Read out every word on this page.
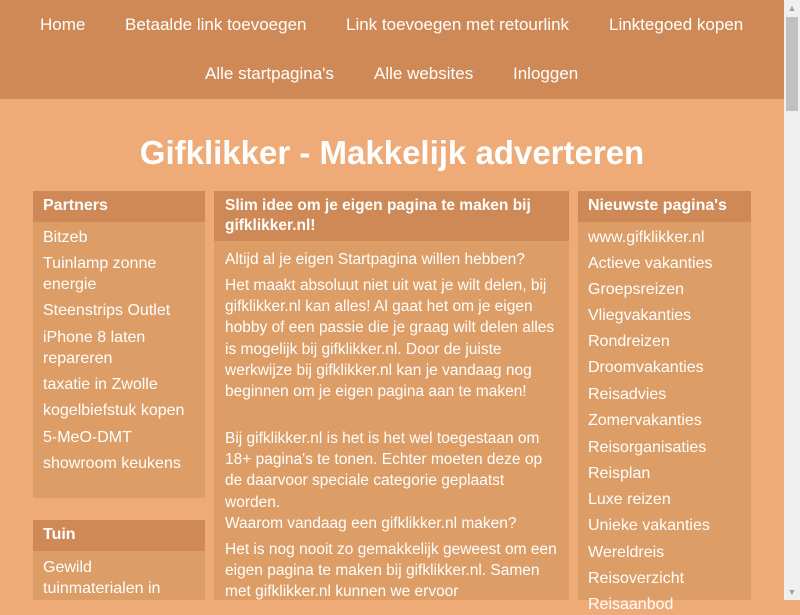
Home Betaalde link toevoegen Link toevoegen met retourlink Linktegoed kopen
Alle startpagina's Alle websites Inloggen
Gifklikker - Makkelijk adverteren
Partners
Bitzeb
Tuinlamp zonne energie
Steenstrips Outlet
iPhone 8 laten repareren
taxatie in Zwolle
kogelbiefstuk kopen
5-MeO-DMT
showroom keukens
Tuin
Gewild tuinmaterialen in
Slim idee om je eigen pagina te maken bij gifklikker.nl!

Altijd al je eigen Startpagina willen hebben?

Het maakt absoluut niet uit wat je wilt delen, bij gifklikker.nl kan alles! Al gaat het om je eigen hobby of een passie die je graag wilt delen alles is mogelijk bij gifklikker.nl. Door de juiste werkwijze bij gifklikker.nl kan je vandaag nog beginnen om je eigen pagina aan te maken!

Bij gifklikker.nl is het is het wel toegestaan om 18+ pagina's te tonen. Echter moeten deze op de daarvoor speciale categorie geplaatst worden.

Waarom vandaag een gifklikker.nl maken?

Het is nog nooit zo gemakkelijk geweest om een eigen pagina te maken bij gifklikker.nl. Samen met gifklikker.nl kunnen we ervoor

Nieuwste pagina's
www.gifklikker.nl
Actieve vakanties
Groepsreizen
Vliegvakanties
Rondreizen
Droomvakanties
Reisadvies
Zomervakanties
Reisorganisaties
Reisplan
Luxe reizen
Unieke vakanties
Wereldreis
Reisoverzicht
Reisaanbod
▲
▼
